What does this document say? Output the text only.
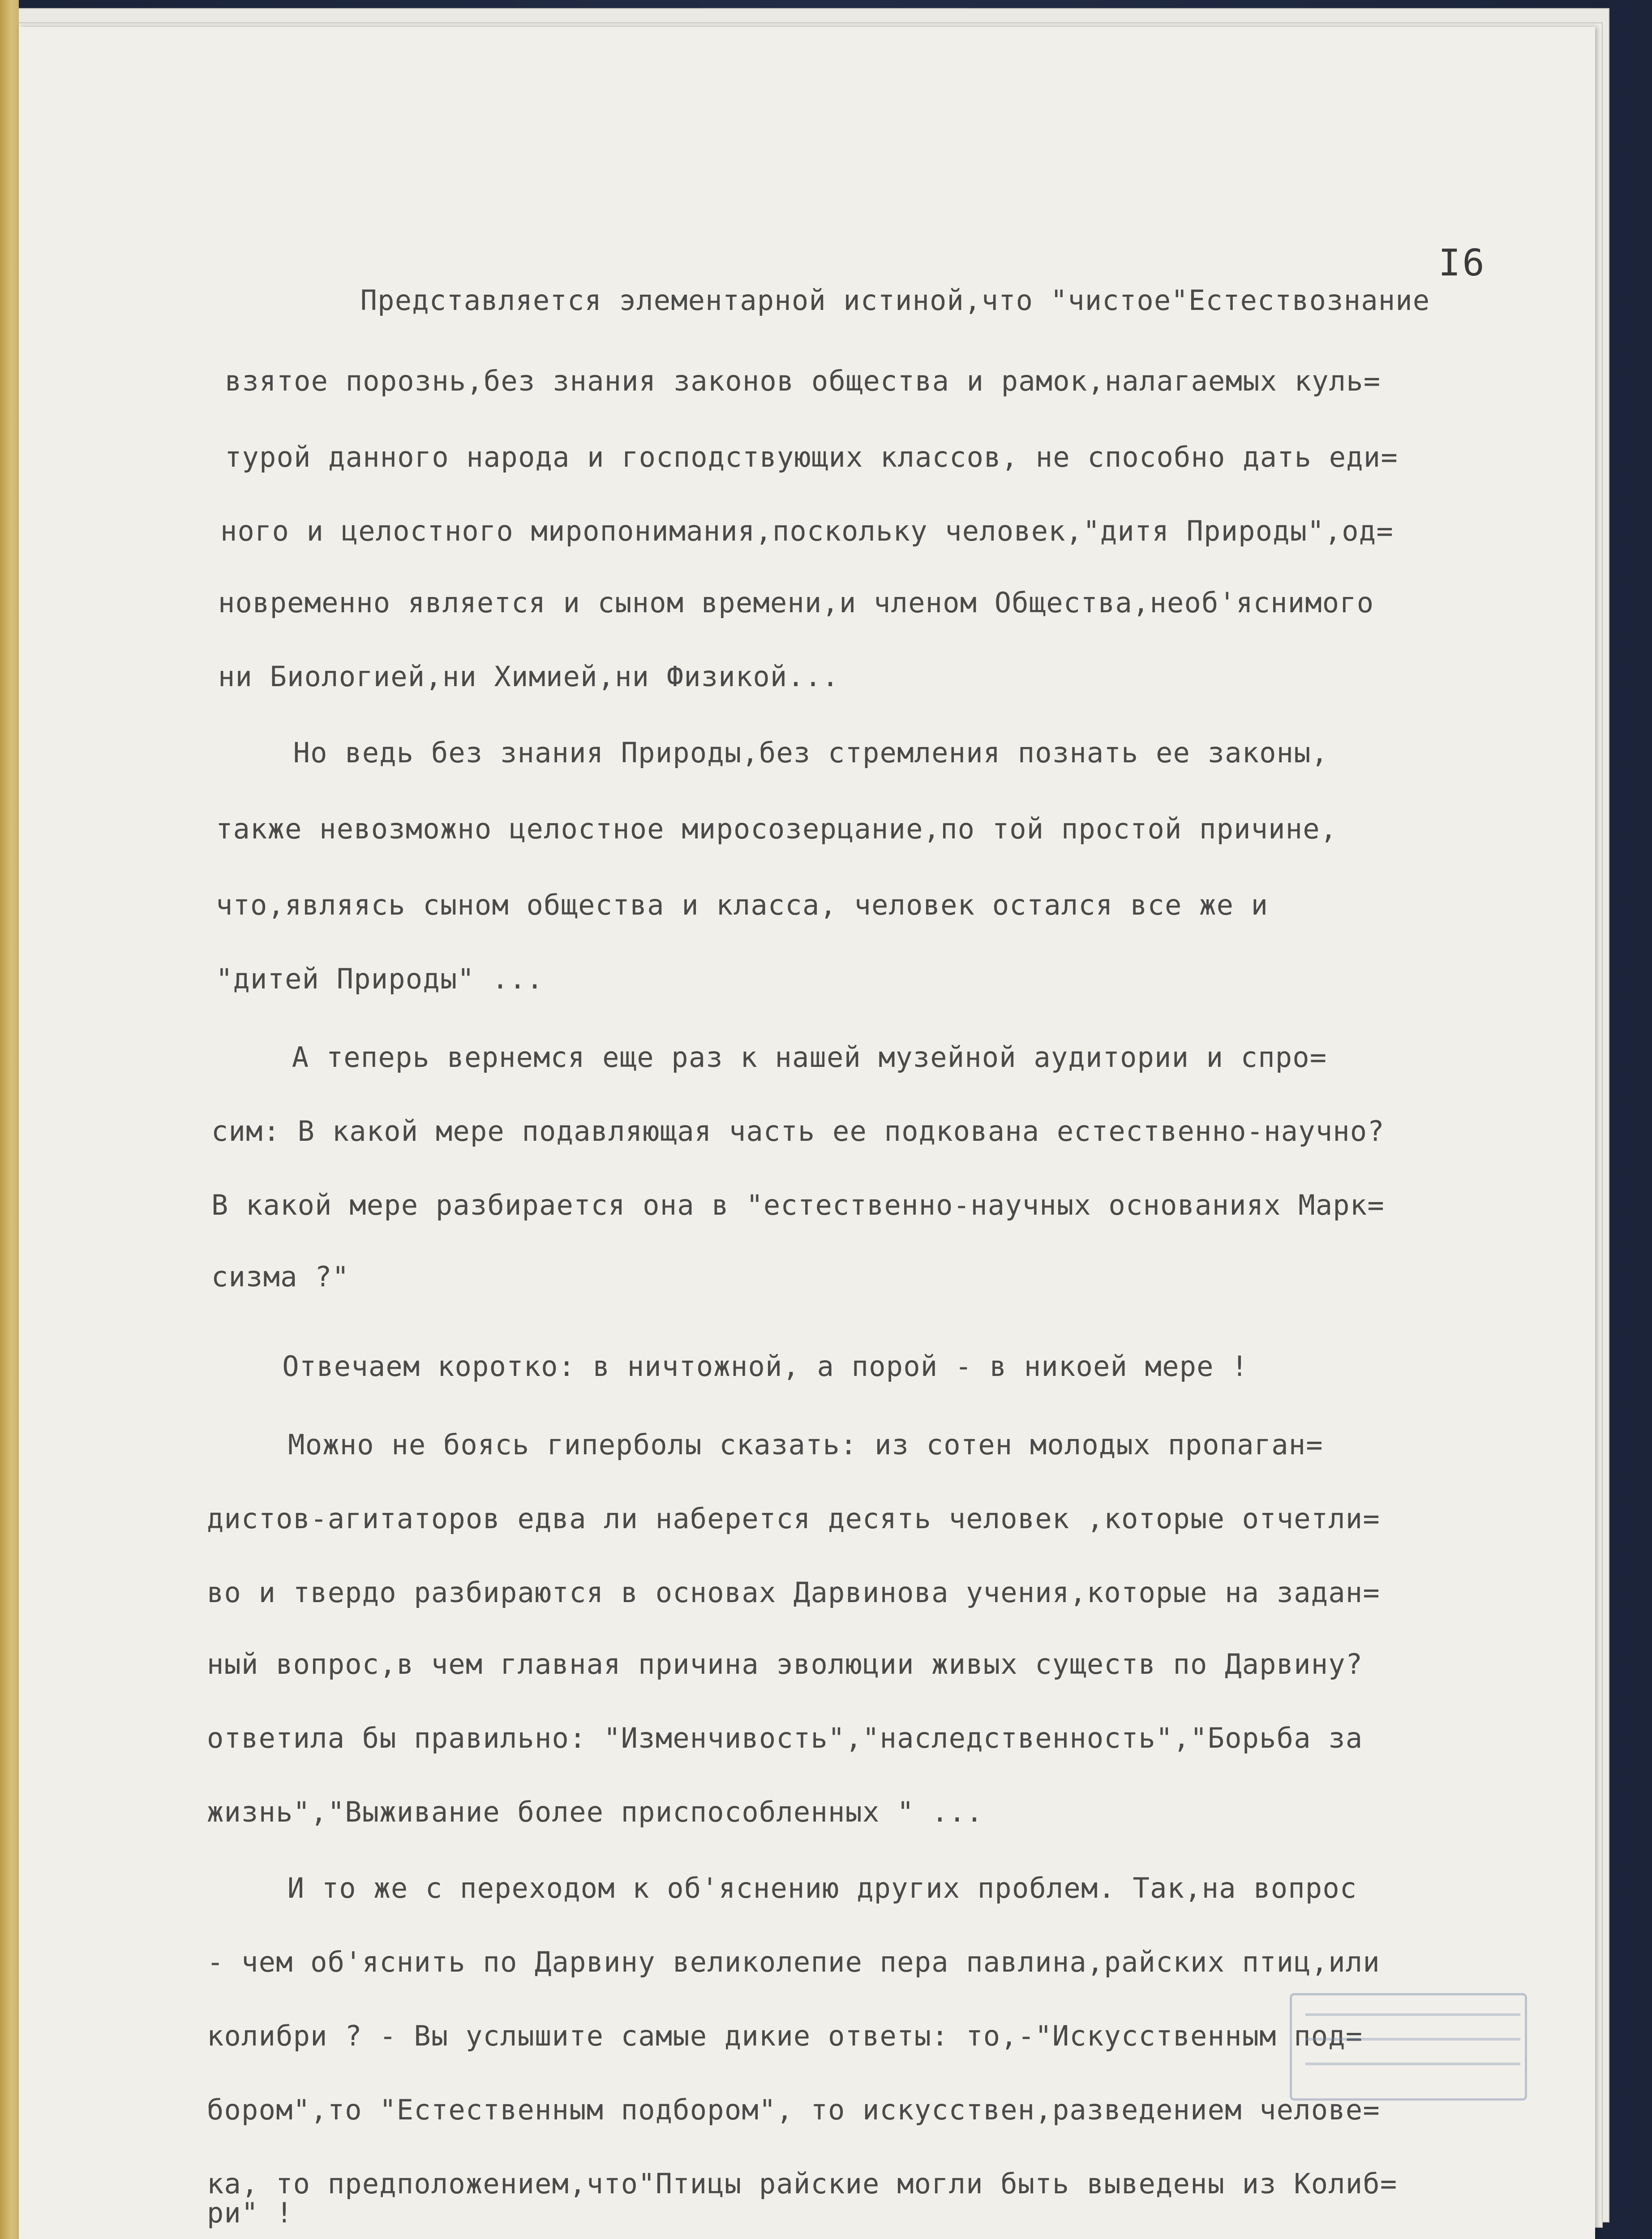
I6
Представляется элементарной истиной,что "чистое"Естествознание
взятое порознь,без знания законов общества и рамок,налагаемых куль=
турой данного народа и господствующих классов, не способно дать еди=
ного и целостного миропонимания,поскольку человек,"дитя Природы",од=
новременно является и сыном времени,и членом Общества,необ'яснимого
ни Биологией,ни Химией,ни Физикой...
Но ведь без знания Природы,без стремления познать ее законы,
также невозможно целостное миросозерцание,по той простой причине,
что,являясь сыном общества и класса, человек остался все же и
"дитей Природы" ...
А теперь вернемся еще раз к нашей музейной аудитории и спро=
сим: В какой мере подавляющая часть ее подкована естественно-научно?
В какой мере разбирается она в "естественно-научных основаниях Марк=
сизма ?"
Отвечаем коротко: в ничтожной, а порой - в никоей мере !
Можно не боясь гиперболы сказать: из сотен молодых пропаган=
дистов-агитаторов едва ли наберется десять человек ,которые отчетли=
во и твердо разбираются в основах Дарвинова учения,которые на задан=
ный вопрос,в чем главная причина эволюции живых существ по Дарвину?
ответила бы правильно: "Изменчивость","наследственность","Борьба за
жизнь","Выживание более приспособленных " ...
И то же с переходом к об'яснению других проблем. Так,на вопрос
- чем об'яснить по Дарвину великолепие пера павлина,райских птиц,или
колибри ? - Вы услышите самые дикие ответы: то,-"Искусственным под=
бором",то "Естественным подбором", то искусствен,разведением челове=
ка, то предположением,что"Птицы райские могли быть выведены из Колиб=
ри" !
